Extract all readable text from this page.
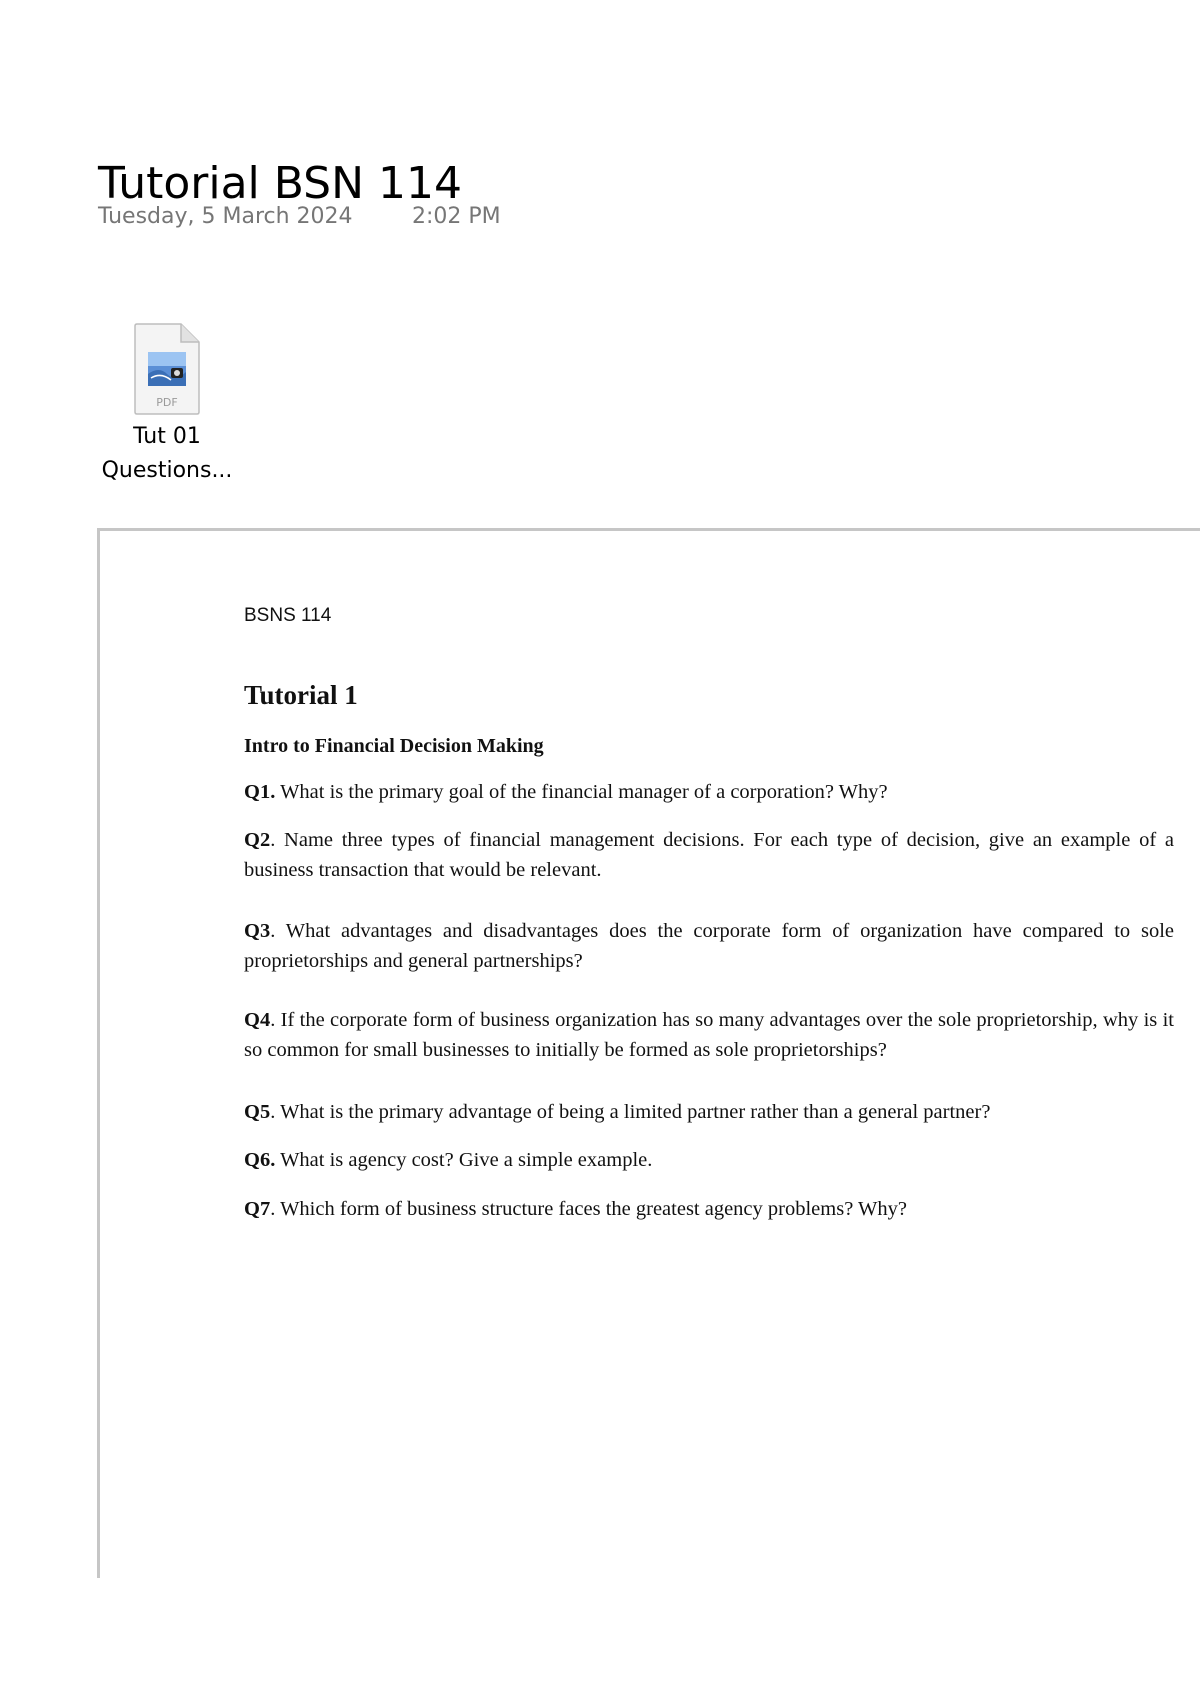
Tutorial BSN 114
Tuesday, 5 March 2024	2:02 PM
PDF
Tut 01
Questions...
BSNS 114
Tutorial 1
Intro to Financial Decision Making

Q1. What is the primary goal of the financial manager of a corporation? Why?

Q2. Name three types of financial management decisions. For each type of decision, give an example of a business transaction that would be relevant.

Q3. What advantages and disadvantages does the corporate form of organization have compared to sole proprietorships and general partnerships?

Q4. If the corporate form of business organization has so many advantages over the sole proprietorship, why is it so common for small businesses to initially be formed as sole proprietorships?

Q5. What is the primary advantage of being a limited partner rather than a general partner?

Q6. What is agency cost? Give a simple example.

Q7. Which form of business structure faces the greatest agency problems? Why?
